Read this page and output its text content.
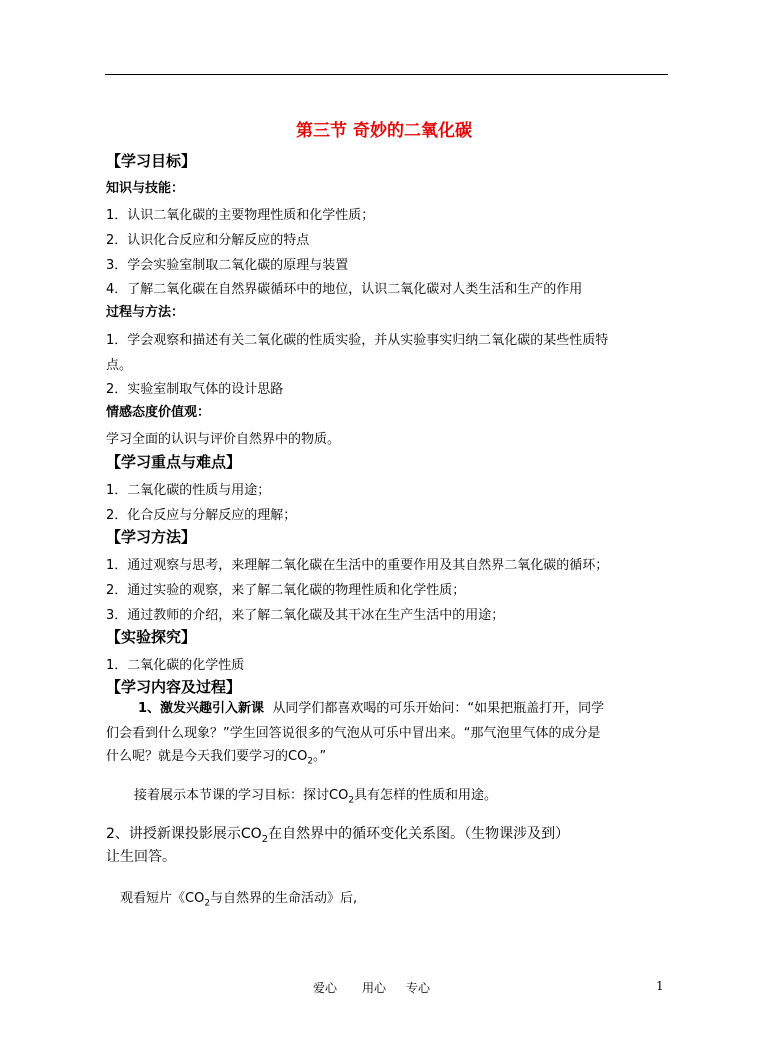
第三节 奇妙的二氧化碳
【学习目标】
知识与技能：
1．认识二氧化碳的主要物理性质和化学性质；
2．认识化合反应和分解反应的特点
3．学会实验室制取二氧化碳的原理与装置
4．了解二氧化碳在自然界碳循环中的地位，认识二氧化碳对人类生活和生产的作用
过程与方法：
1．学会观察和描述有关二氧化碳的性质实验，并从实验事实归纳二氧化碳的某些性质特
点。
2．实验室制取气体的设计思路
情感态度价值观：
学习全面的认识与评价自然界中的物质。
【学习重点与难点】
1．二氧化碳的性质与用途；
2．化合反应与分解反应的理解；
【学习方法】
1．通过观察与思考，来理解二氧化碳在生活中的重要作用及其自然界二氧化碳的循环；
2．通过实验的观察，来了解二氧化碳的物理性质和化学性质；
3．通过教师的介绍，来了解二氧化碳及其干冰在生产生活中的用途；
【实验探究】
1．二氧化碳的化学性质
【学习内容及过程】
1、激发兴趣引入新课 从同学们都喜欢喝的可乐开始问：“如果把瓶盖打开，同学
们会看到什么现象？”学生回答说很多的气泡从可乐中冒出来。“那气泡里气体的成分是
什么呢？就是今天我们要学习的$CO_2$。”
接着展示本节课的学习目标：探讨$CO_2$具有怎样的性质和用途。
2、讲授新课投影展示$CO_2$在自然界中的循环变化关系图。（生物课涉及到）
让生回答。
观看短片《$CO_2$与自然界的生命活动》后,
爱心 用心 专心	1
